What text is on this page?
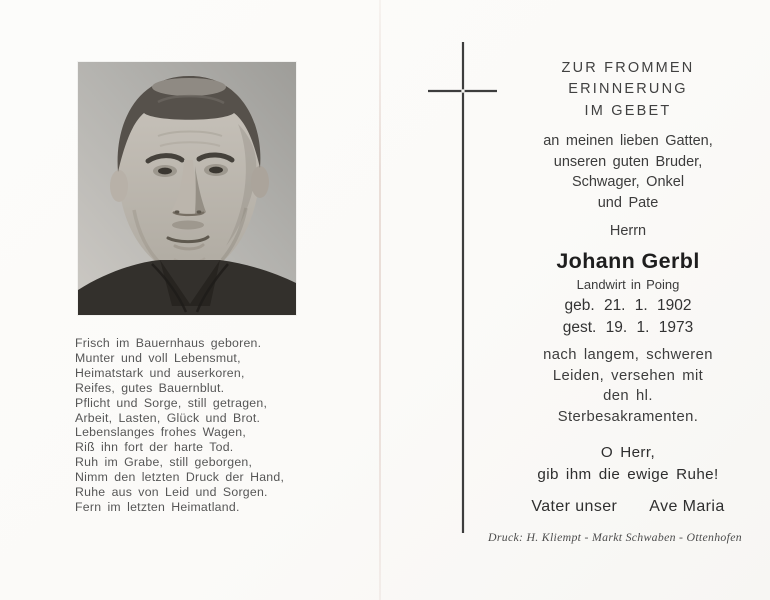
Frisch im Bauernhaus geboren.
Munter und voll Lebensmut,
Heimatstark und auserkoren,
Reifes, gutes Bauernblut.
Pflicht und Sorge, still getragen,
Arbeit, Lasten, Glück und Brot.
Lebenslanges frohes Wagen,
Riß ihn fort der harte Tod.
Ruh im Grabe, still geborgen,
Nimm den letzten Druck der Hand,
Ruhe aus von Leid und Sorgen.
Fern im letzten Heimatland.
ZUR FROMMEN
ERINNERUNG
IM GEBET
an meinen lieben Gatten,
unseren guten Bruder,
Schwager, Onkel
und Pate
Herrn
Johann Gerbl
Landwirt in Poing
geb. 21. 1. 1902
gest. 19. 1. 1973
nach langem, schweren
Leiden, versehen mit
den hl.
Sterbesakramenten.
O Herr,
gib ihm die ewige Ruhe!
Vater unser Ave Maria
Druck: H. Kliempt - Markt Schwaben - Ottenhofen
